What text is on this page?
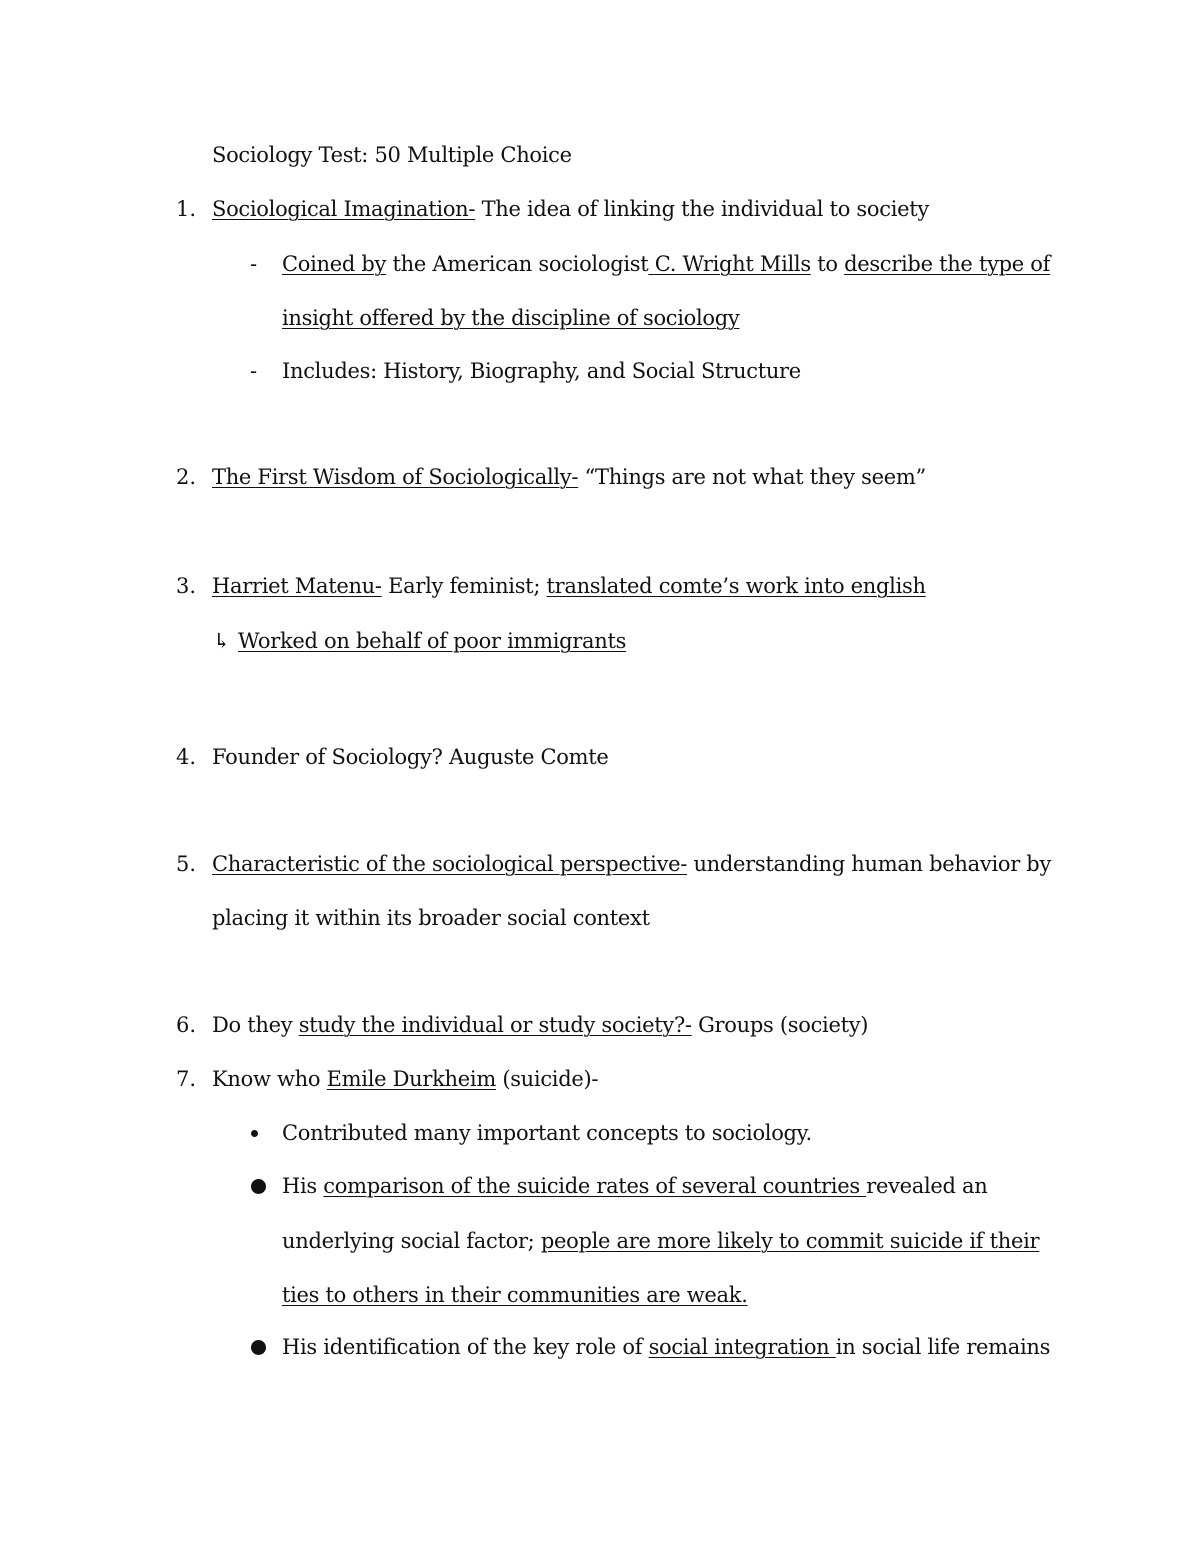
Sociology Test: 50 Multiple Choice
1. Sociological Imagination- The idea of linking the individual to society
- Coined by the American sociologist C. Wright Mills to describe the type of
insight offered by the discipline of sociology
- Includes: History, Biography, and Social Structure
2. The First Wisdom of Sociologically- “Things are not what they seem”
3. Harriet Matenu- Early feminist; translated comte’s work into english
↳ Worked on behalf of poor immigrants
4. Founder of Sociology? Auguste Comte
5. Characteristic of the sociological perspective- understanding human behavior by
placing it within its broader social context
6. Do they study the individual or study society?- Groups (society)
7. Know who Emile Durkheim (suicide)-
Contributed many important concepts to sociology.
His comparison of the suicide rates of several countries revealed an
underlying social factor; people are more likely to commit suicide if their
ties to others in their communities are weak.
His identification of the key role of social integration in social life remains
